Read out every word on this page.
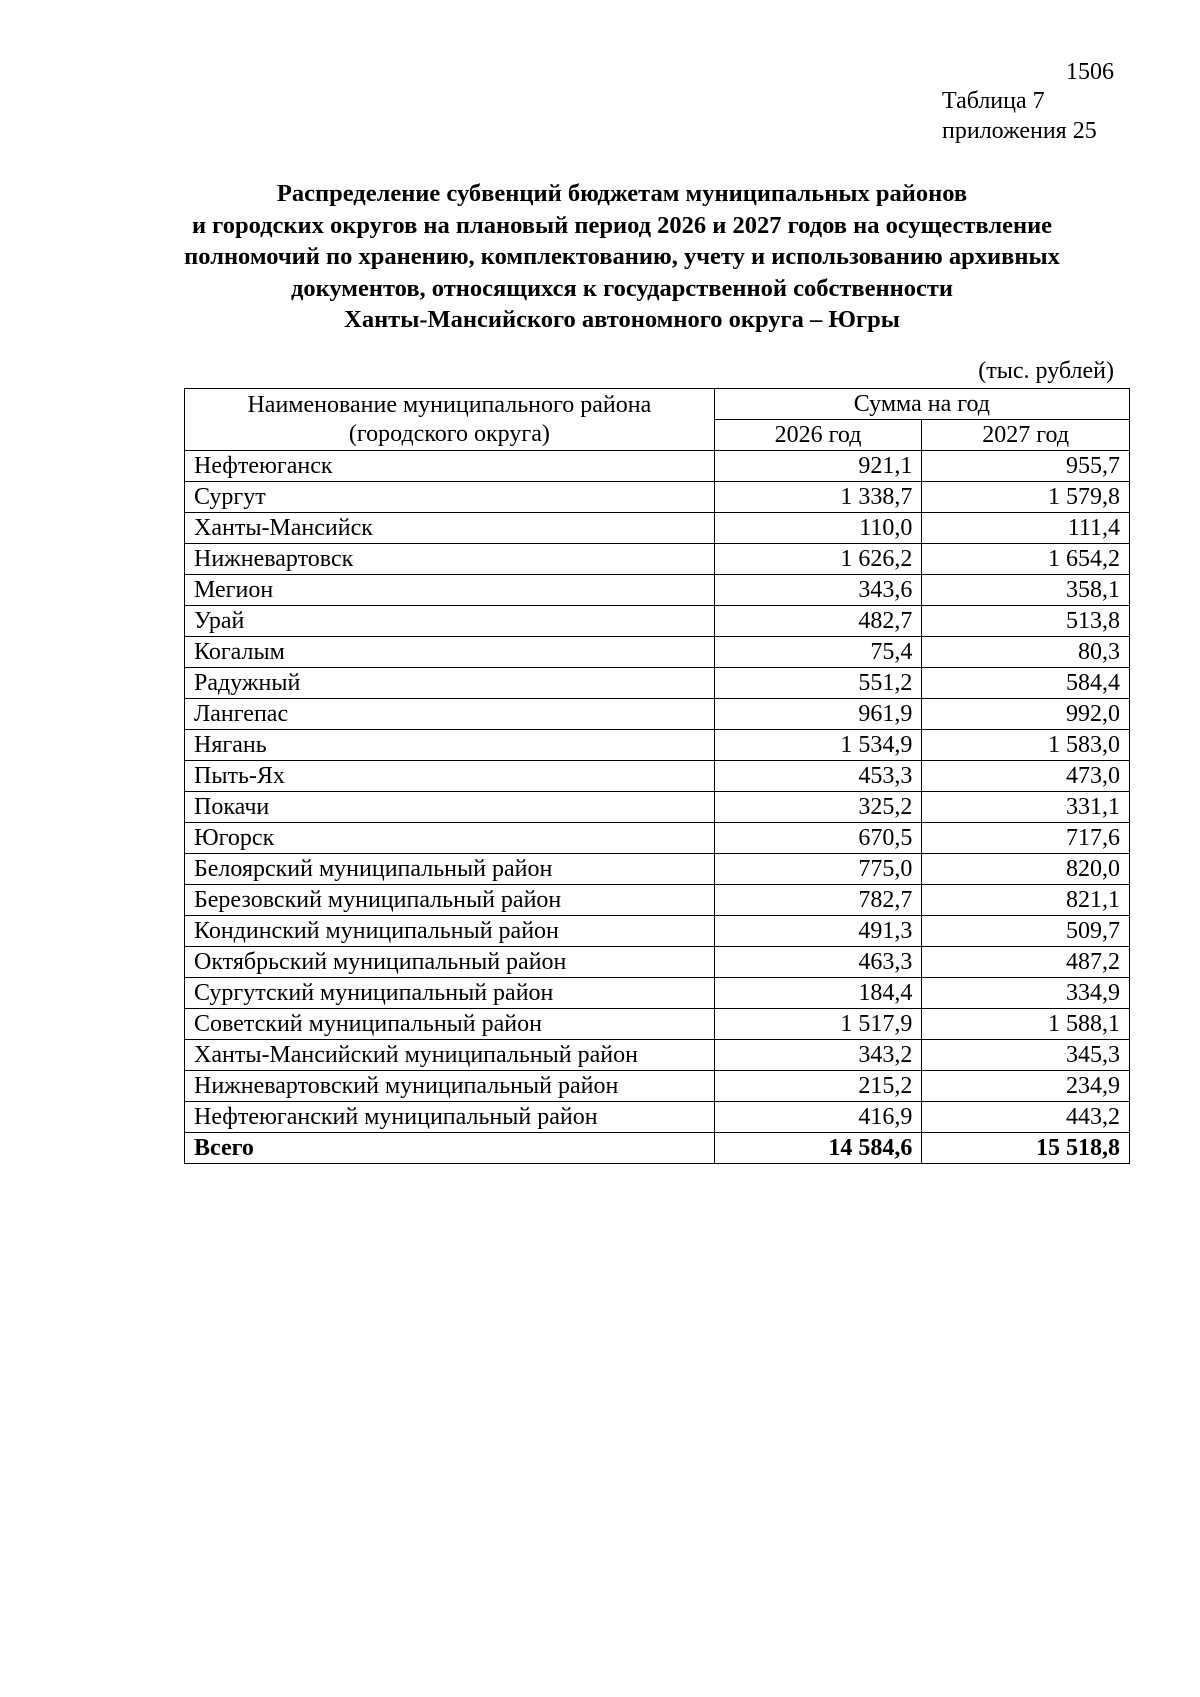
1506
Таблица 7
приложения 25
Распределение субвенций бюджетам муниципальных районов
и городских округов на плановый период 2026 и 2027 годов на осуществление
полномочий по хранению, комплектованию, учету и использованию архивных
документов, относящихся к государственной собственности
Ханты-Мансийского автономного округа – Югры
(тыс. рублей)
Наименование муниципального района
(городского округа)	Сумма на год	
	2026 год	2027 год
Нефтеюганск	921,1	955,7
Сургут	1 338,7	1 579,8
Ханты-Мансийск	110,0	111,4
Нижневартовск	1 626,2	1 654,2
Мегион	343,6	358,1
Урай	482,7	513,8
Когалым	75,4	80,3
Радужный	551,2	584,4
Лангепас	961,9	992,0
Нягань	1 534,9	1 583,0
Пыть-Ях	453,3	473,0
Покачи	325,2	331,1
Югорск	670,5	717,6
Белоярский муниципальный район	775,0	820,0
Березовский муниципальный район	782,7	821,1
Кондинский муниципальный район	491,3	509,7
Октябрьский муниципальный район	463,3	487,2
Сургутский муниципальный район	184,4	334,9
Советский муниципальный район	1 517,9	1 588,1
Ханты-Мансийский муниципальный район	343,2	345,3
Нижневартовский муниципальный район	215,2	234,9
Нефтеюганский муниципальный район	416,9	443,2
Всего	14 584,6	15 518,8
